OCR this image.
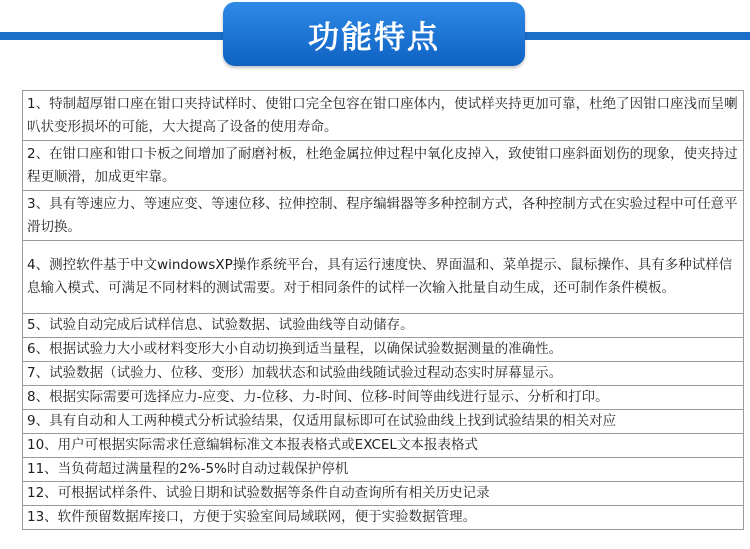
功能特点
1、特制超厚钳口座在钳口夹持试样时、使钳口完全包容在钳口座体内，使试样夹持更加可靠，杜绝了因钳口座浅而呈喇叭状变形损坏的可能，大大提高了设备的使用寿命。
2、在钳口座和钳口卡板之间增加了耐磨衬板，杜绝金属拉伸过程中氧化皮掉入，致使钳口座斜面划伤的现象，使夹持过程更顺滑，加成更牢靠。
3、具有等速应力、等速应变、等速位移、拉伸控制、程序编辑器等多种控制方式，各种控制方式在实验过程中可任意平滑切换。
4、测控软件基于中文windowsXP操作系统平台，具有运行速度快、界面温和、菜单提示、鼠标操作、具有多种试样信息输入模式、可满足不同材料的测试需要。对于相同条件的试样一次输入批量自动生成，还可制作条件模板。
5、试验自动完成后试样信息、试验数据、试验曲线等自动储存。
6、根据试验力大小或材料变形大小自动切换到适当量程，以确保试验数据测量的准确性。
7、试验数据（试验力、位移、变形）加载状态和试验曲线随试验过程动态实时屏幕显示。
8、根据实际需要可选择应力-应变、力-位移、力-时间、位移-时间等曲线进行显示、分析和打印。
9、具有自动和人工两种模式分析试验结果，仅适用鼠标即可在试验曲线上找到试验结果的相关对应
10、用户可根据实际需求任意编辑标准文本报表格式或EXCEL文本报表格式
11、当负荷超过满量程的2%-5%时自动过载保护停机
12、可根据试样条件、试验日期和试验数据等条件自动查询所有相关历史记录
13、软件预留数据库接口，方便于实验室间局域联网，便于实验数据管理。
